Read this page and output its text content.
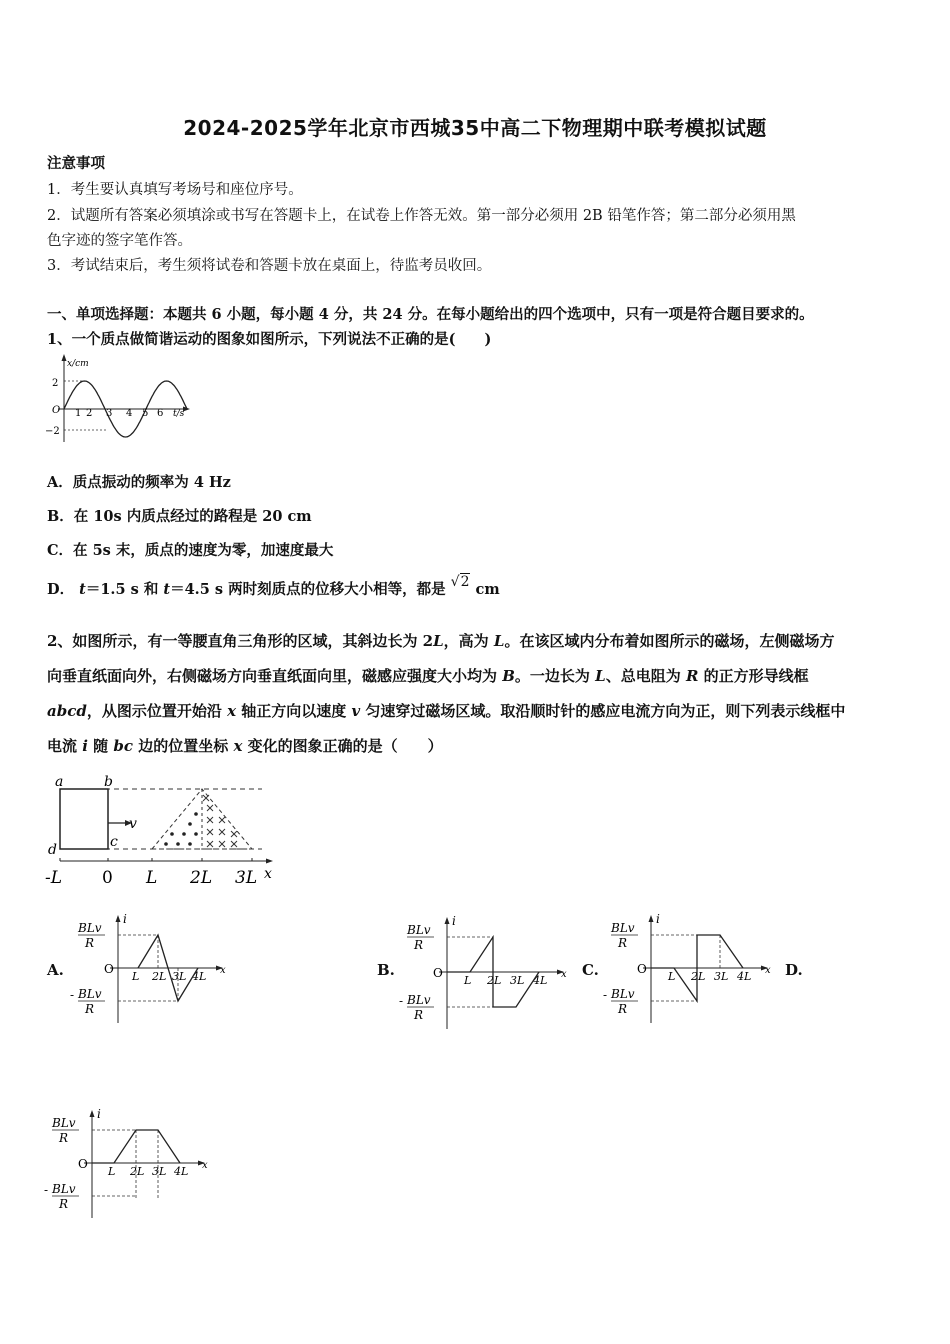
2024-2025学年北京市西城35中高二下物理期中联考模拟试题
注意事项
1．考生要认真填写考场号和座位序号。
2．试题所有答案必须填涂或书写在答题卡上，在试卷上作答无效。第一部分必须用 2B 铅笔作答；第二部分必须用黑
色字迹的签字笔作答。
3．考试结束后，考生须将试卷和答题卡放在桌面上，待监考员收回。
一、单项选择题：本题共 6 小题，每小题 4 分，共 24 分。在每小题给出的四个选项中，只有一项是符合题目要求的。
1、一个质点做简谐运动的图象如图所示，下列说法不正确的是(　　)
x/cm
t/s
O
2
−2
1 2 3 4 5 6
A．质点振动的频率为 4 Hz
B．在 10s 内质点经过的路程是 20 cm
C．在 5s 末，质点的速度为零，加速度最大
D． t＝1.5 s 和 t＝4.5 s 两时刻质点的位移大小相等，都是 √2 cm
2、如图所示，有一等腰直角三角形的区域，其斜边长为 2L，高为 L。在该区域内分布着如图所示的磁场，左侧磁场方
向垂直纸面向外，右侧磁场方向垂直纸面向里，磁感应强度大小均为 B。一边长为 L、总电阻为 R 的正方形导线框
abcd，从图示位置开始沿 x 轴正方向以速度 v 匀速穿过磁场区域。取沿顺时针的感应电流方向为正，则下列表示线框中
电流 i 随 bc 边的位置坐标 x 变化的图象正确的是（　　）
v
a	b
c
d
-L 0 L 2L 3L x
A.	B.	C.	D.
i
x
O
BLv
R
- BLv
R
L 2L 3L 4L
i
x
O
BLv
R
- BLv
R
L 2L 3L 4L
i
x
O
BLv
R
- BLv
R
L 2L 3L 4L
i
x
O
BLv
R
- BLv
R
L 2L 3L 4L
